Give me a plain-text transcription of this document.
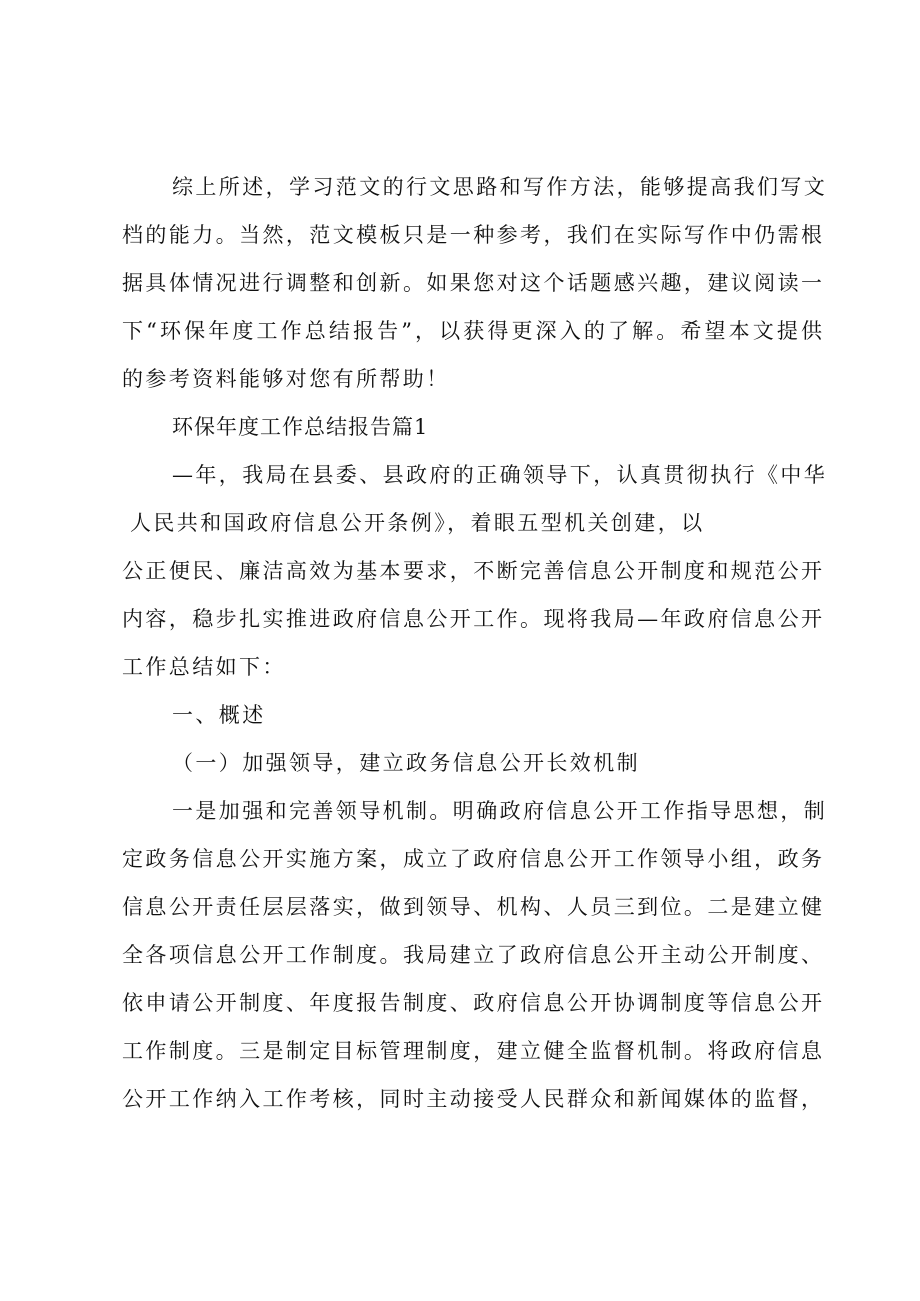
综上所述，学习范文的行文思路和写作方法，能够提高我们写文
档的能力。当然，范文模板只是一种参考，我们在实际写作中仍需根
据具体情况进行调整和创新。如果您对这个话题感兴趣，建议阅读一
下“环保年度工作总结报告”，以获得更深入的了解。希望本文提供
的参考资料能够对您有所帮助！
环保年度工作总结报告篇1
—年，我局在县委、县政府的正确领导下，认真贯彻执行《中华
人民共和国政府信息公开条例》，着眼五型机关创建，以
公正便民、廉洁高效为基本要求，不断完善信息公开制度和规范公开
内容，稳步扎实推进政府信息公开工作。现将我局—年政府信息公开
工作总结如下：
一、概述
（一）加强领导，建立政务信息公开长效机制
一是加强和完善领导机制。明确政府信息公开工作指导思想，制
定政务信息公开实施方案，成立了政府信息公开工作领导小组，政务
信息公开责任层层落实，做到领导、机构、人员三到位。二是建立健
全各项信息公开工作制度。我局建立了政府信息公开主动公开制度、
依申请公开制度、年度报告制度、政府信息公开协调制度等信息公开
工作制度。三是制定目标管理制度，建立健全监督机制。将政府信息
公开工作纳入工作考核，同时主动接受人民群众和新闻媒体的监督，
